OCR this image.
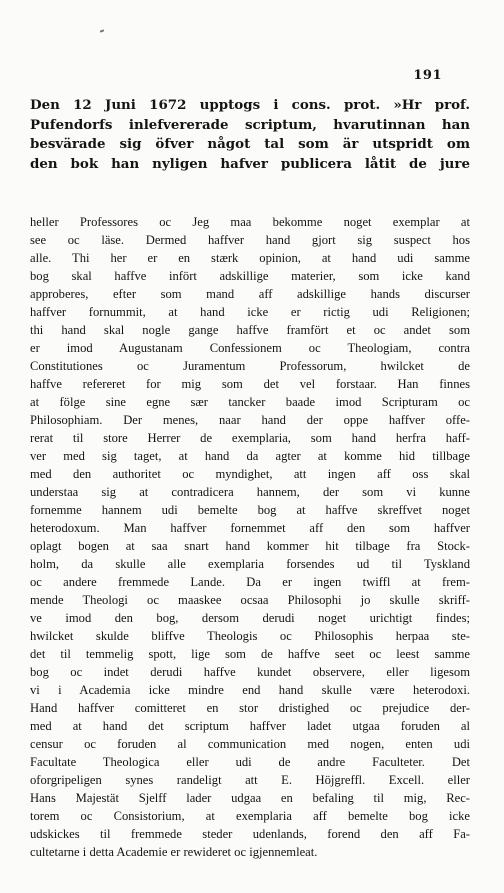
191
Den 12 Juni 1672 upptogs i cons. prot. »Hr prof.
Pufendorfs inlefvererade scriptum, hvarutinnan han
besvärade sig öfver något tal som är utspridt om
den bok han nyligen hafver publicera låtit de jure
heller Professores oc Jeg maa bekomme noget exemplar at
see oc läse. Dermed haffver hand gjort sig suspect hos
alle. Thi her er en stærk opinion, at hand udi samme
bog skal haffve infört adskillige materier, som icke kand
approberes, efter som mand aff adskillige hands discurser
haffver fornummit, at hand icke er rictig udi Religionen;
thi hand skal nogle gange haffve framfört et oc andet som
er imod Augustanam Confessionem oc Theologiam, contra
Constitutiones oc Juramentum Professorum, hwilcket de
haffve refereret for mig som det vel forstaar. Han finnes
at fölge sine egne sær tancker baade imod Scripturam oc
Philosophiam. Der menes, naar hand der oppe haffver offe-
rerat til store Herrer de exemplaria, som hand herfra haff-
ver med sig taget, at hand da agter at komme hid tillbage
med den authoritet oc myndighet, att ingen aff oss skal
understaa sig at contradicera hannem, der som vi kunne
fornemme hannem udi bemelte bog at haffve skreffvet noget
heterodoxum. Man haffver fornemmet aff den som haffver
oplagt bogen at saa snart hand kommer hit tilbage fra Stock-
holm, da skulle alle exemplaria forsendes ud til Tyskland
oc andere fremmede Lande. Da er ingen twiffl at frem-
mende Theologi oc maaskee ocsaa Philosophi jo skulle skriff-
ve imod den bog, dersom derudi noget urichtigt findes;
hwilcket skulde bliffve Theologis oc Philosophis herpaa ste-
det til temmelig spott, lige som de haffve seet oc leest samme
bog oc indet derudi haffve kundet observere, eller ligesom
vi i Academia icke mindre end hand skulle være heterodoxi.
Hand haffver comitteret en stor dristighed oc prejudice der-
med at hand det scriptum haffver ladet utgaa foruden al
censur oc foruden al communication med nogen, enten udi
Facultate Theologica eller udi de andre Faculteter. Det
oforgripeligen synes randeligt att E. Höjgreffl. Excell. eller
Hans Majestät Sjelff lader udgaa en befaling til mig, Rec-
torem oc Consistorium, at exemplaria aff bemelte bog icke
udskickes til fremmede steder udenlands, forend den aff Fa-
cultetarne i detta Academie er rewideret oc igjennemleat.
